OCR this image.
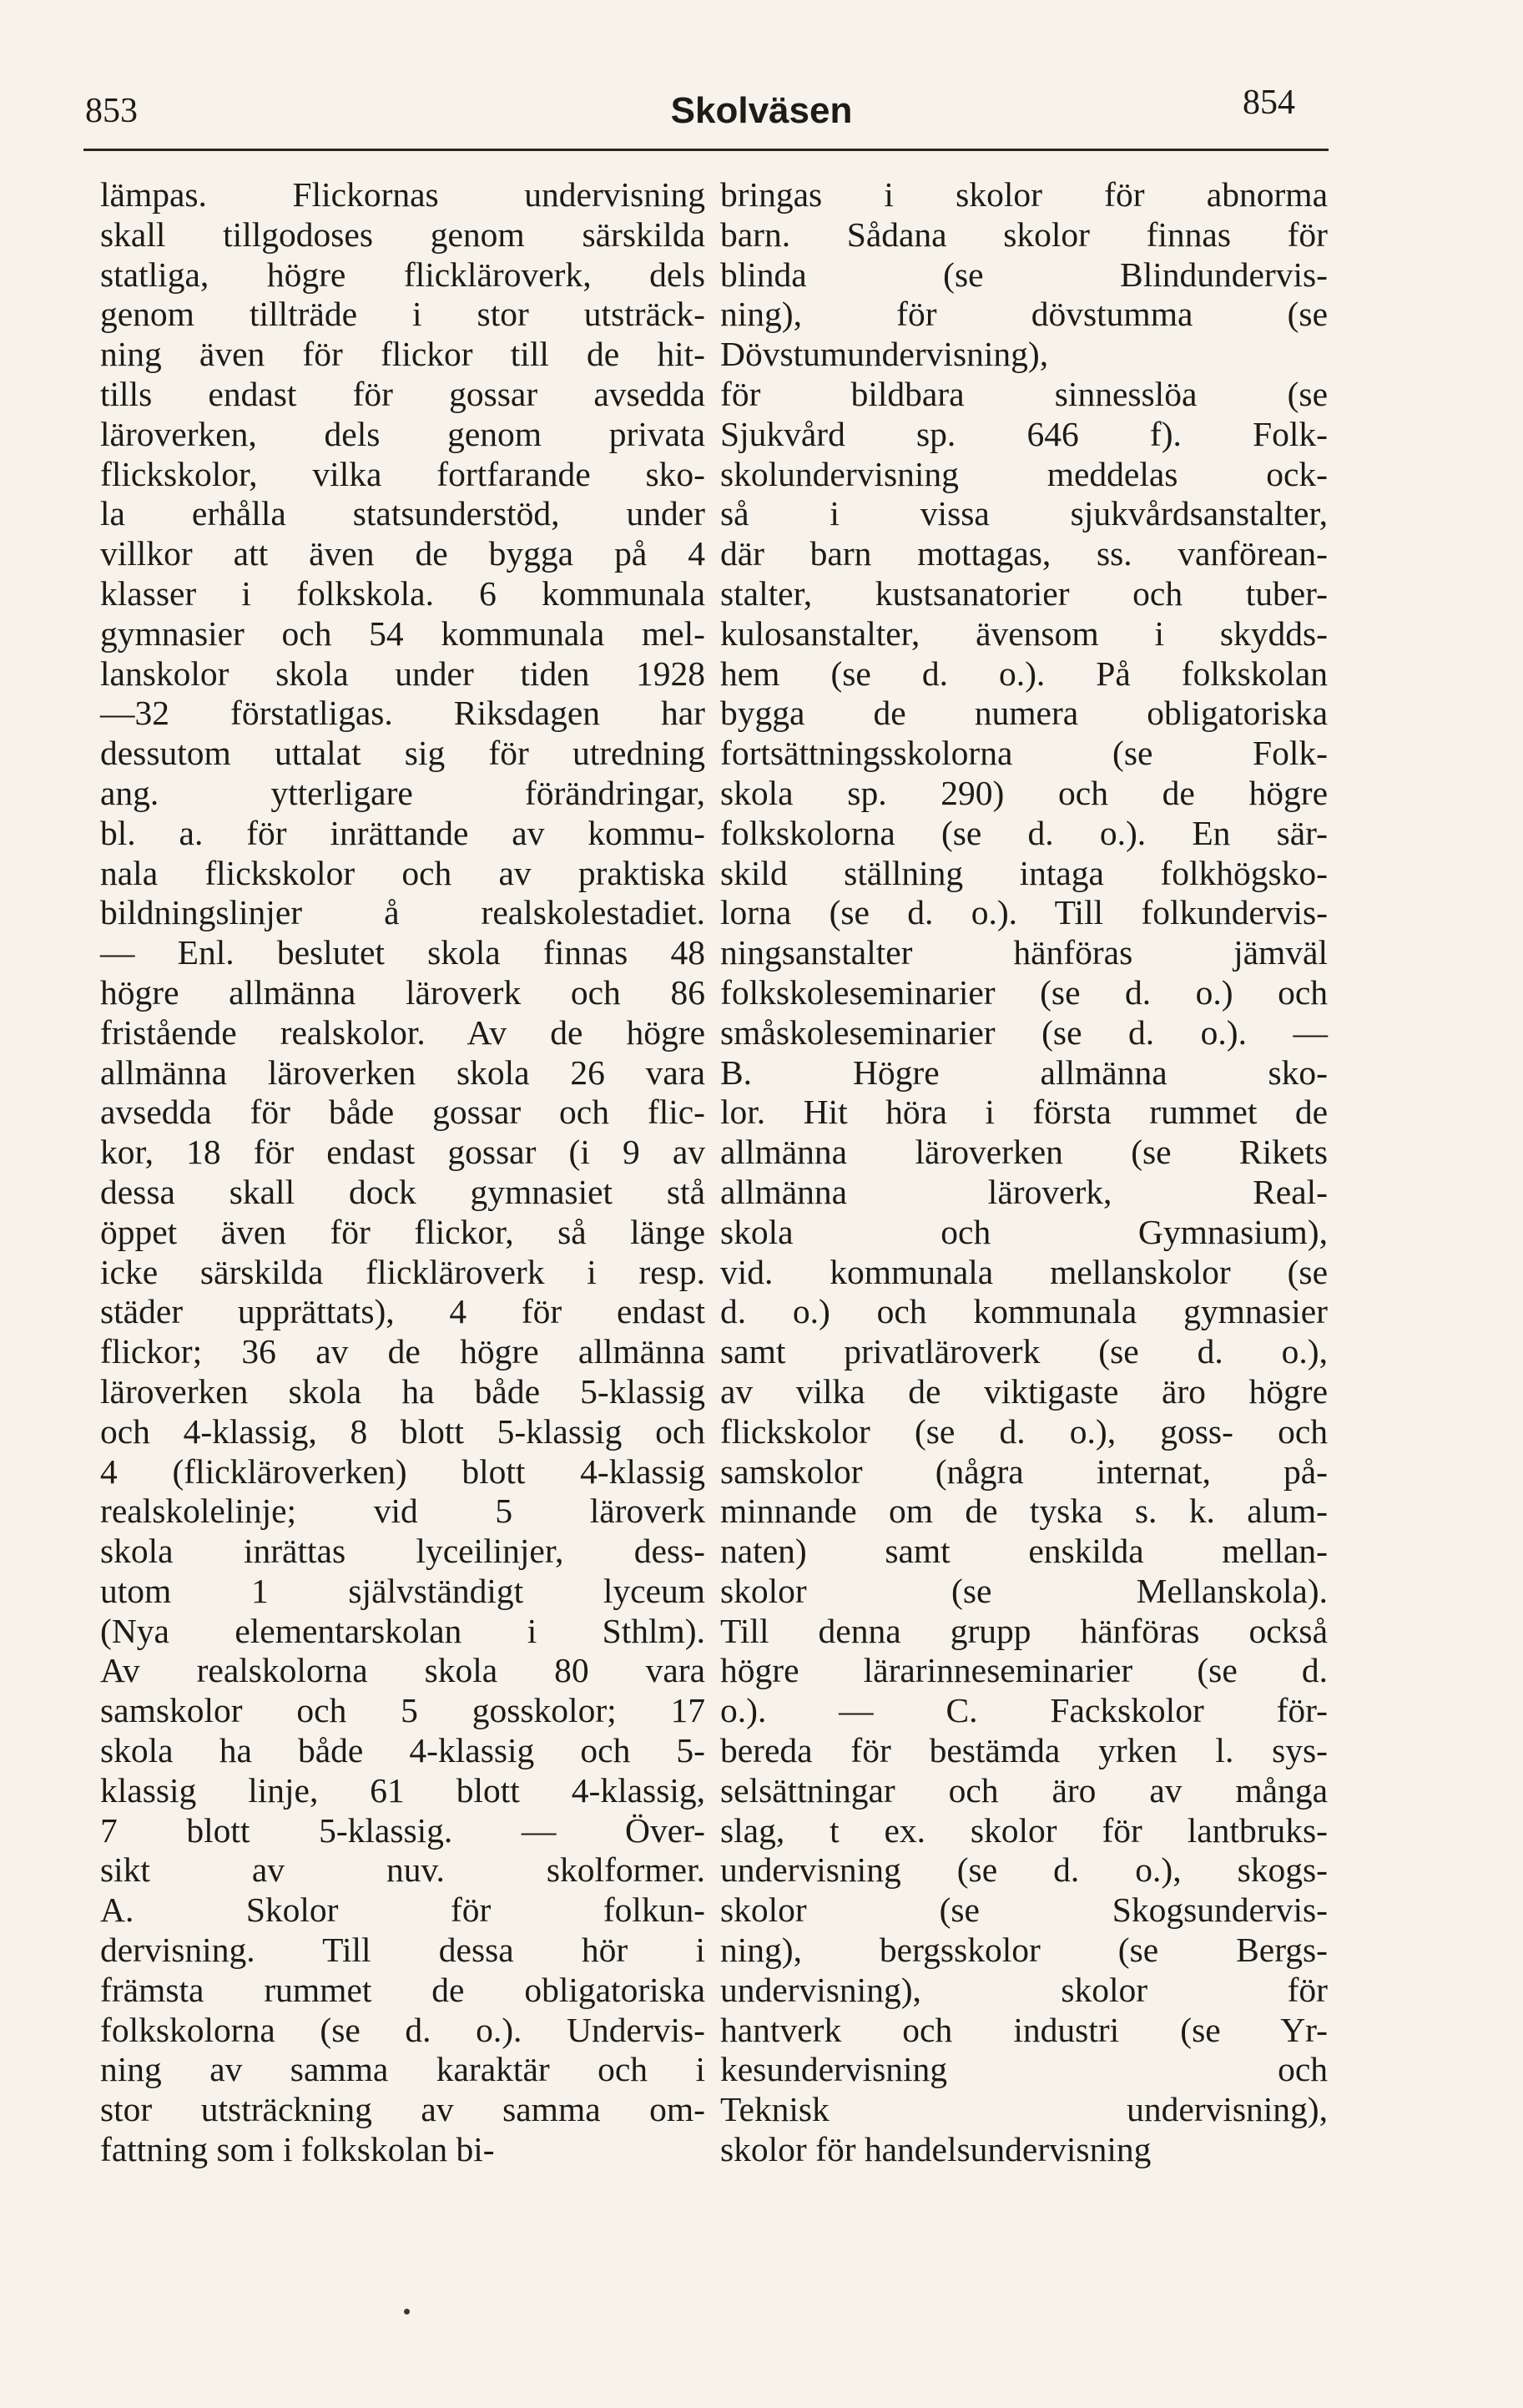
853	Skolväsen	854
lämpas. Flickornas undervisning
skall tillgodoses genom särskilda
statliga, högre flickläroverk, dels
genom tillträde i stor utsträck-
ning även för flickor till de hit-
tills endast för gossar avsedda
läroverken, dels genom privata
flickskolor, vilka fortfarande sko-
la erhålla statsunderstöd, under
villkor att även de bygga på 4
klasser i folkskola. 6 kommunala
gymnasier och 54 kommunala mel-
lanskolor skola under tiden 1928
—32 förstatligas. Riksdagen har
dessutom uttalat sig för utredning
ang. ytterligare förändringar,
bl. a. för inrättande av kommu-
nala flickskolor och av praktiska
bildningslinjer å realskolestadiet.
— Enl. beslutet skola finnas 48
högre allmänna läroverk och 86
fristående realskolor. Av de högre
allmänna läroverken skola 26 vara
avsedda för både gossar och flic-
kor, 18 för endast gossar (i 9 av
dessa skall dock gymnasiet stå
öppet även för flickor, så länge
icke särskilda flickläroverk i resp.
städer upprättats), 4 för endast
flickor; 36 av de högre allmänna
läroverken skola ha både 5-klassig
och 4-klassig, 8 blott 5-klassig och
4 (flickläroverken) blott 4-klassig
realskolelinje; vid 5 läroverk
skola inrättas lyceilinjer, dess-
utom 1 självständigt lyceum
(Nya elementarskolan i Sthlm).
Av realskolorna skola 80 vara
samskolor och 5 gosskolor; 17
skola ha både 4-klassig och 5-
klassig linje, 61 blott 4-klassig,
7 blott 5-klassig. — Över-
sikt av nuv. skolformer.
A. Skolor för folkun-
dervisning. Till dessa hör i
främsta rummet de obligatoriska
folkskolorna (se d. o.). Undervis-
ning av samma karaktär och i
stor utsträckning av samma om-
fattning som i folkskolan bi-
bringas i skolor för abnorma
barn. Sådana skolor finnas för
blinda (se Blindundervis-
ning), för dövstumma (se
Dövstumundervisning),
för bildbara sinnesslöa (se
Sjukvård sp. 646 f). Folk-
skolundervisning meddelas ock-
så i vissa sjukvårdsanstalter,
där barn mottagas, ss. vanförean-
stalter, kustsanatorier och tuber-
kulosanstalter, ävensom i skydds-
hem (se d. o.). På folkskolan
bygga de numera obligatoriska
fortsättningsskolorna (se Folk-
skola sp. 290) och de högre
folkskolorna (se d. o.). En sär-
skild ställning intaga folkhögsko-
lorna (se d. o.). Till folkundervis-
ningsanstalter hänföras jämväl
folkskoleseminarier (se d. o.) och
småskoleseminarier (se d. o.). —
B. Högre allmänna sko-
lor. Hit höra i första rummet de
allmänna läroverken (se Rikets
allmänna läroverk, Real-
skola och Gymnasium),
vid. kommunala mellanskolor (se
d. o.) och kommunala gymnasier
samt privatläroverk (se d. o.),
av vilka de viktigaste äro högre
flickskolor (se d. o.), goss- och
samskolor (några internat, på-
minnande om de tyska s. k. alum-
naten) samt enskilda mellan-
skolor (se Mellanskola).
Till denna grupp hänföras också
högre lärarinneseminarier (se d.
o.). — C. Fackskolor för-
bereda för bestämda yrken l. sys-
selsättningar och äro av många
slag, t ex. skolor för lantbruks-
undervisning (se d. o.), skogs-
skolor (se Skogsundervis-
ning), bergsskolor (se Bergs-
undervisning), skolor för
hantverk och industri (se Yr-
kesundervisning och
Teknisk undervisning),
skolor för handelsundervisning
